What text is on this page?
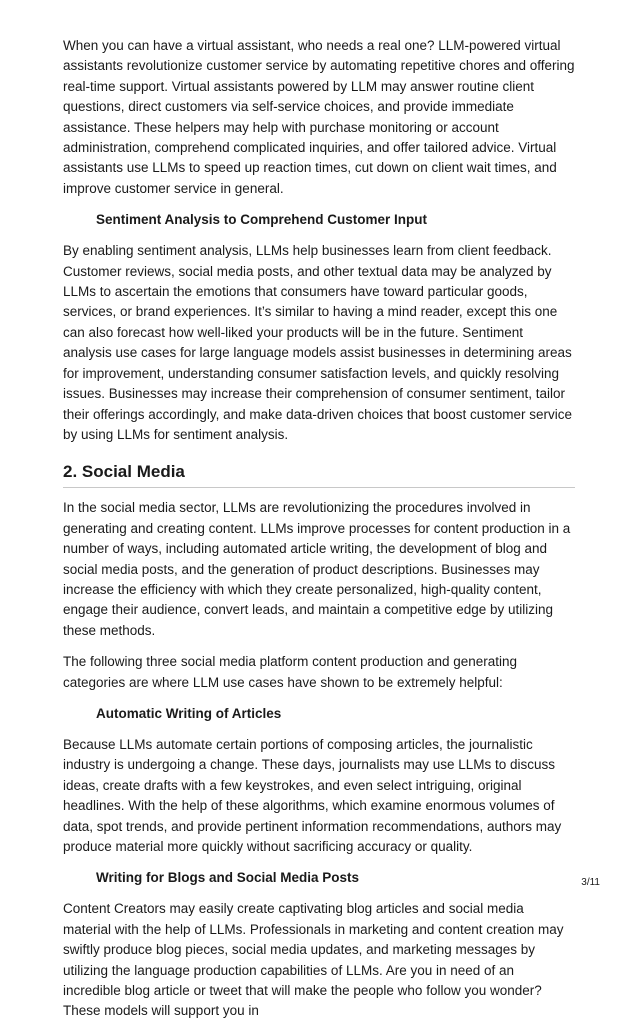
When you can have a virtual assistant, who needs a real one? LLM-powered virtual assistants revolutionize customer service by automating repetitive chores and offering real-time support. Virtual assistants powered by LLM may answer routine client questions, direct customers via self-service choices, and provide immediate assistance. These helpers may help with purchase monitoring or account administration, comprehend complicated inquiries, and offer tailored advice. Virtual assistants use LLMs to speed up reaction times, cut down on client wait times, and improve customer service in general.

Sentiment Analysis to Comprehend Customer Input

By enabling sentiment analysis, LLMs help businesses learn from client feedback. Customer reviews, social media posts, and other textual data may be analyzed by LLMs to ascertain the emotions that consumers have toward particular goods, services, or brand experiences. It’s similar to having a mind reader, except this one can also forecast how well-liked your products will be in the future. Sentiment analysis use cases for large language models assist businesses in determining areas for improvement, understanding consumer satisfaction levels, and quickly resolving issues. Businesses may increase their comprehension of consumer sentiment, tailor their offerings accordingly, and make data-driven choices that boost customer service by using LLMs for sentiment analysis.

2. Social Media

In the social media sector, LLMs are revolutionizing the procedures involved in generating and creating content. LLMs improve processes for content production in a number of ways, including automated article writing, the development of blog and social media posts, and the generation of product descriptions. Businesses may increase the efficiency with which they create personalized, high-quality content, engage their audience, convert leads, and maintain a competitive edge by utilizing these methods.

The following three social media platform content production and generating categories are where LLM use cases have shown to be extremely helpful:

Automatic Writing of Articles

Because LLMs automate certain portions of composing articles, the journalistic industry is undergoing a change. These days, journalists may use LLMs to discuss ideas, create drafts with a few keystrokes, and even select intriguing, original headlines. With the help of these algorithms, which examine enormous volumes of data, spot trends, and provide pertinent information recommendations, authors may produce material more quickly without sacrificing accuracy or quality.

Writing for Blogs and Social Media Posts

Content Creators may easily create captivating blog articles and social media material with the help of LLMs. Professionals in marketing and content creation may swiftly produce blog pieces, social media updates, and marketing messages by utilizing the language production capabilities of LLMs. Are you in need of an incredible blog article or tweet that will make the people who follow you wonder? These models will support you in

3/11
